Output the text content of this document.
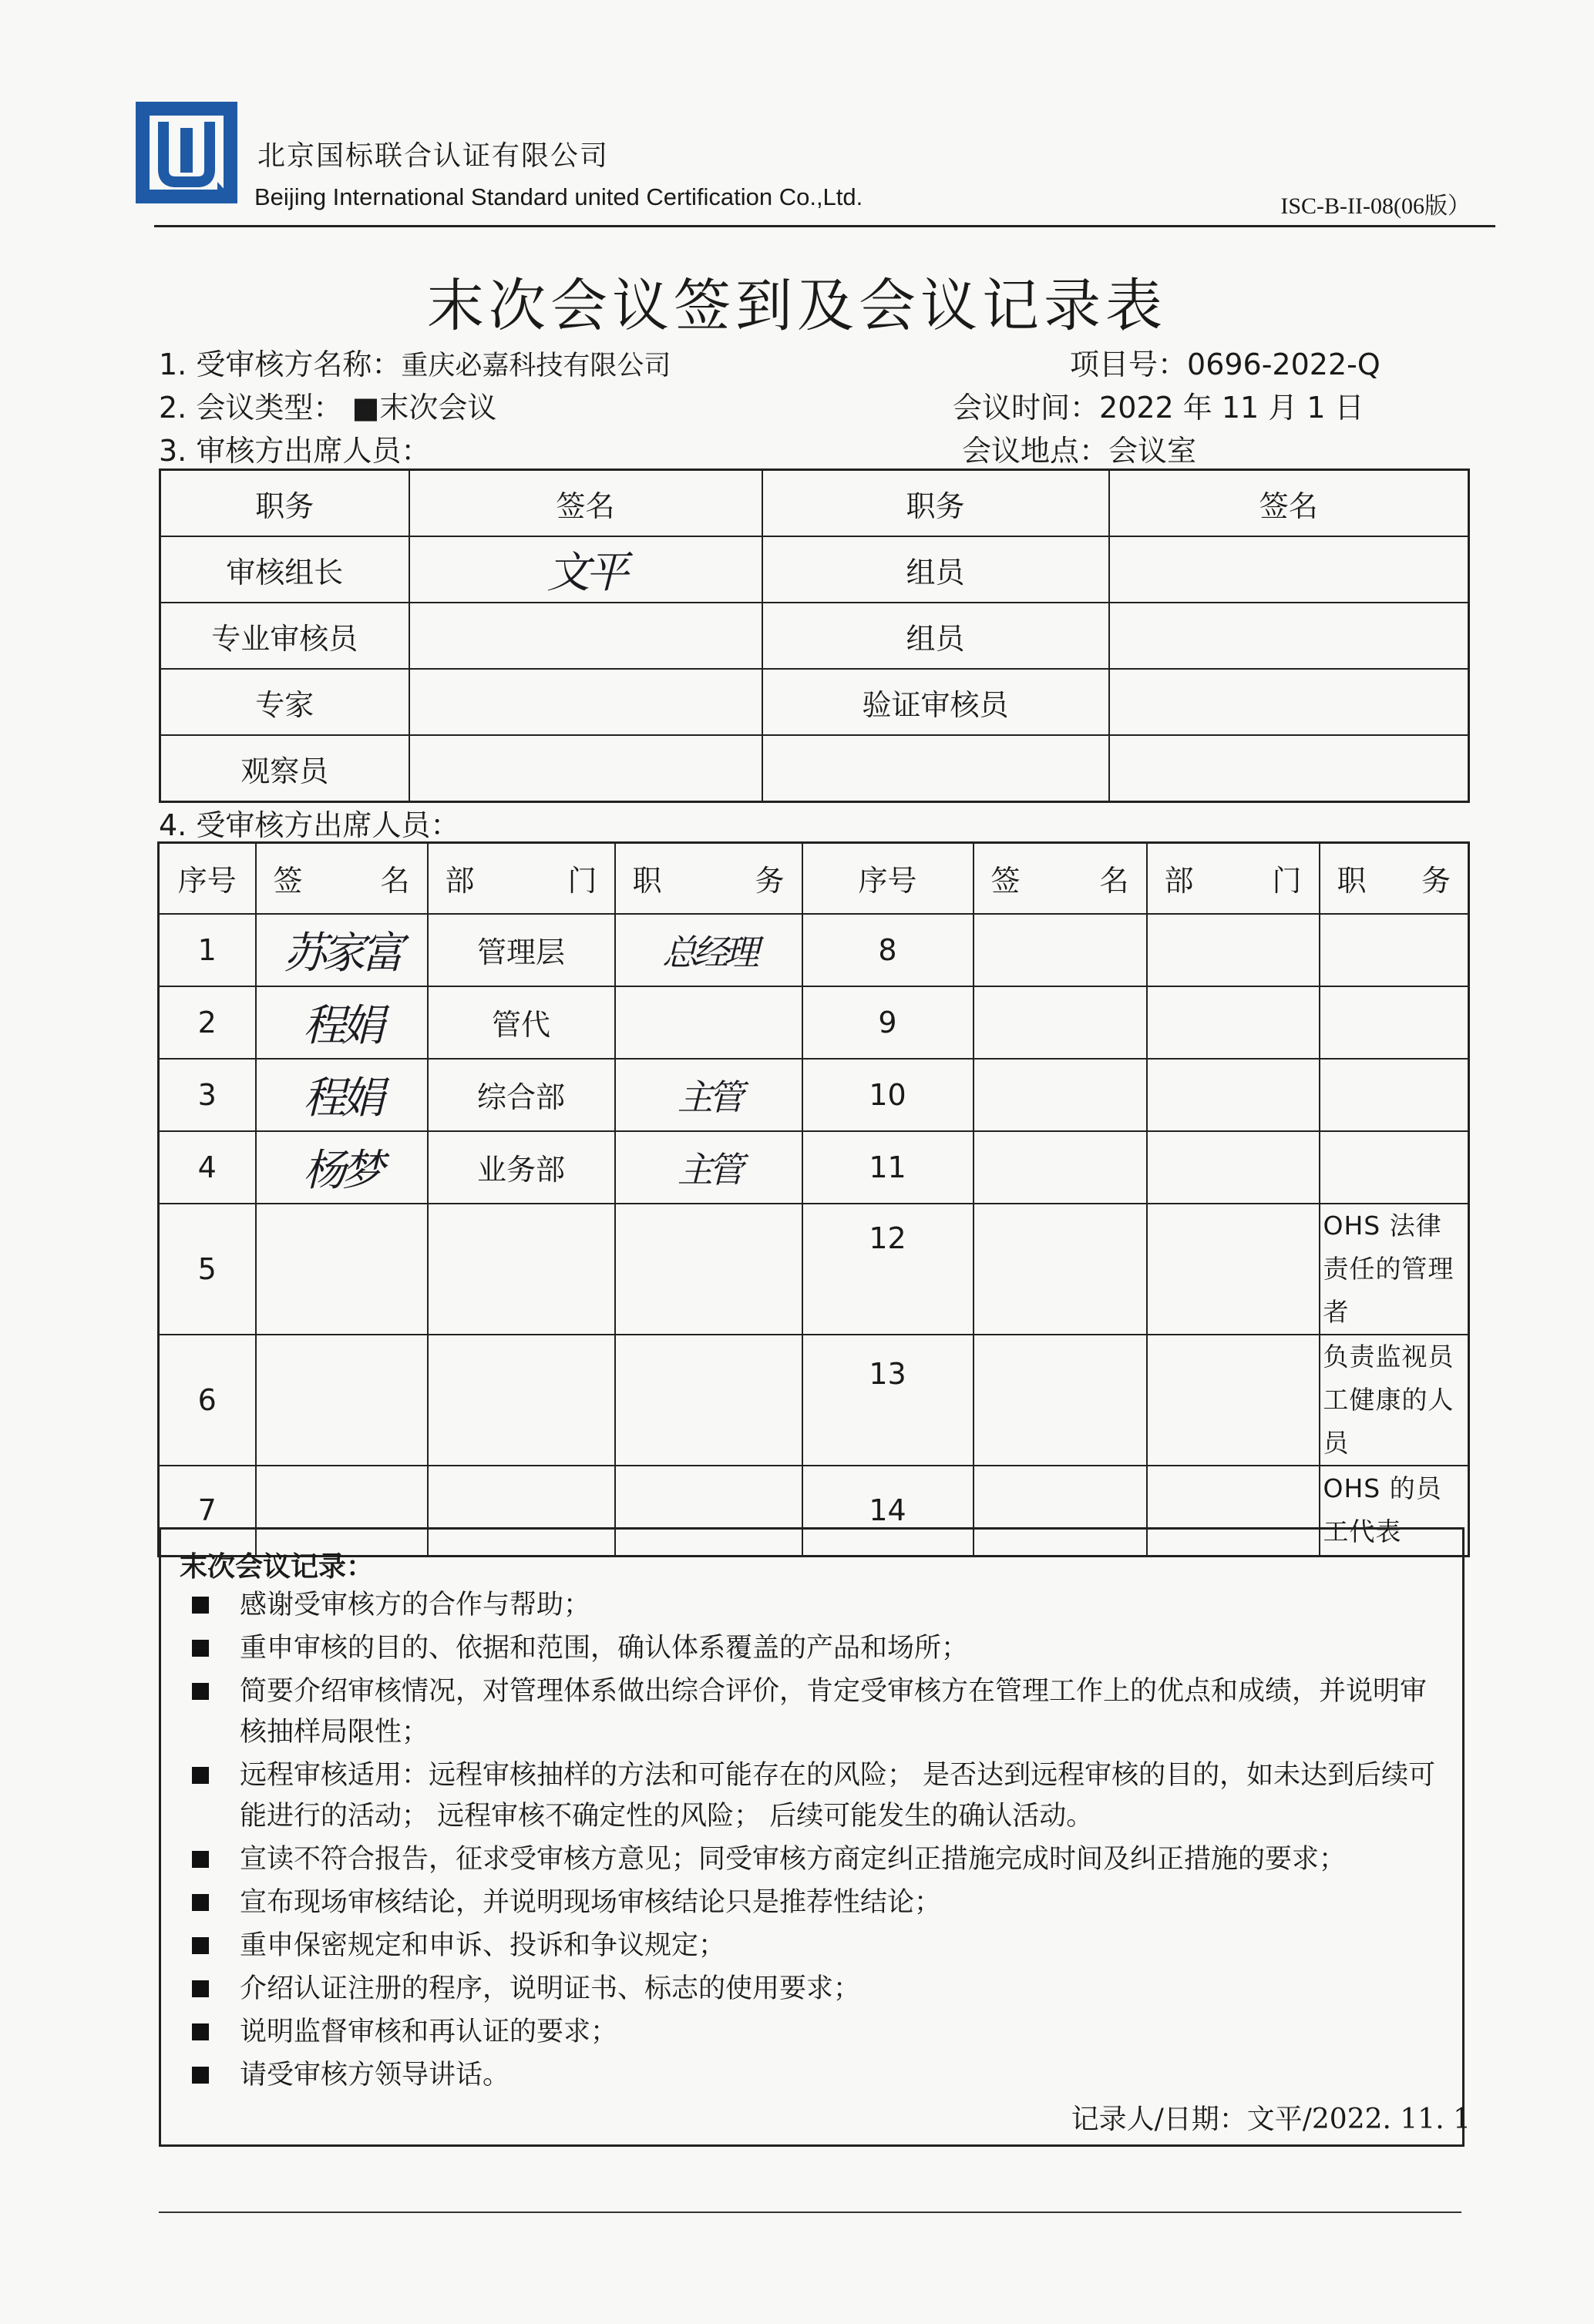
北京国标联合认证有限公司
Beijing International Standard united Certification Co.,Ltd.	ISC-B-II-08(06版）
末次会议签到及会议记录表
1. 受审核方名称：重庆必嘉科技有限公司	项目号：0696-2022-Q
2. 会议类型： ■末次会议	会议时间：2022 年 11 月 1 日
3. 审核方出席人员：	会议地点：会议室
职务	签名	职务	签名
审核组长	文平	组员	
专业审核员		组员	
专家		验证审核员	
观察员			
4. 受审核方出席人员：
序号	签 名	部 门	职 务	序号	签 名	部 门	职 务

1	苏家富	管理层	总经理	8			
2	程娟	管代		9			
3	程娟	综合部	主管	10			
4	杨梦	业务部	主管	11			
5				12			OHS 法律责任的管理者
6				13			负责监视员工健康的人员
7				14			OHS 的员工代表
末次会议记录：
感谢受审核方的合作与帮助；
重申审核的目的、依据和范围，确认体系覆盖的产品和场所；
简要介绍审核情况，对管理体系做出综合评价，肯定受审核方在管理工作上的优点和成绩，并说明审核抽样局限性；
远程审核适用：远程审核抽样的方法和可能存在的风险； 是否达到远程审核的目的，如未达到后续可能进行的活动； 远程审核不确定性的风险； 后续可能发生的确认活动。
宣读不符合报告，征求受审核方意见；同受审核方商定纠正措施完成时间及纠正措施的要求；
宣布现场审核结论，并说明现场审核结论只是推荐性结论；
重申保密规定和申诉、投诉和争议规定；
介绍认证注册的程序，说明证书、标志的使用要求；
说明监督审核和再认证的要求；
请受审核方领导讲话。
记录人/日期：文平/2022. 11. 1
